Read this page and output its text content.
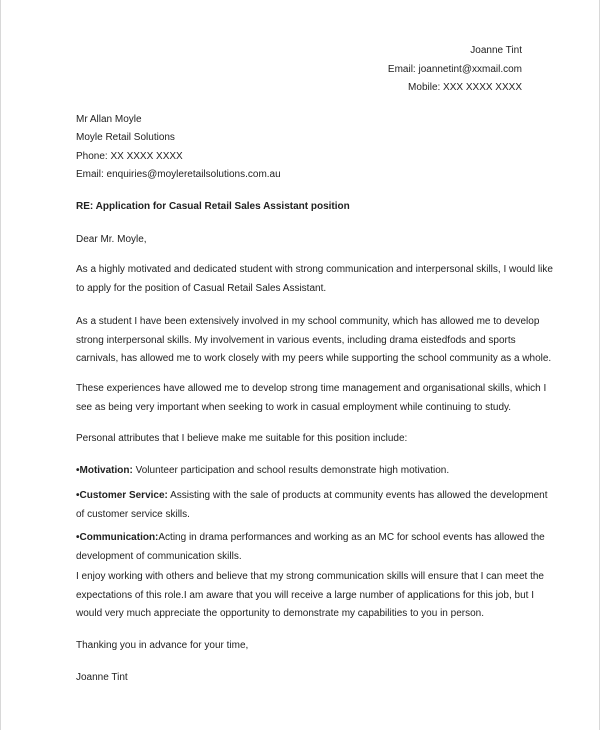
Joanne Tint
Email: joannetint@xxmail.com
Mobile: XXX XXXX XXXX
Mr Allan Moyle
Moyle Retail Solutions
Phone: XX XXXX XXXX
Email: enquiries@moyleretailsolutions.com.au
RE: Application for Casual Retail Sales Assistant position
Dear Mr. Moyle,
As a highly motivated and dedicated student with strong communication and interpersonal skills, I would like
to apply for the position of Casual Retail Sales Assistant.
As a student I have been extensively involved in my school community, which has allowed me to develop
strong interpersonal skills. My involvement in various events, including drama eistedfods and sports
carnivals, has allowed me to work closely with my peers while supporting the school community as a whole.
These experiences have allowed me to develop strong time management and organisational skills, which I
see as being very important when seeking to work in casual employment while continuing to study.
Personal attributes that I believe make me suitable for this position include:
•Motivation: Volunteer participation and school results demonstrate high motivation.
•Customer Service: Assisting with the sale of products at community events has allowed the development
of customer service skills.
•Communication:Acting in drama performances and working as an MC for school events has allowed the
development of communication skills.
I enjoy working with others and believe that my strong communication skills will ensure that I can meet the
expectations of this role.I am aware that you will receive a large number of applications for this job, but I
would very much appreciate the opportunity to demonstrate my capabilities to you in person.
Thanking you in advance for your time,
Joanne Tint
